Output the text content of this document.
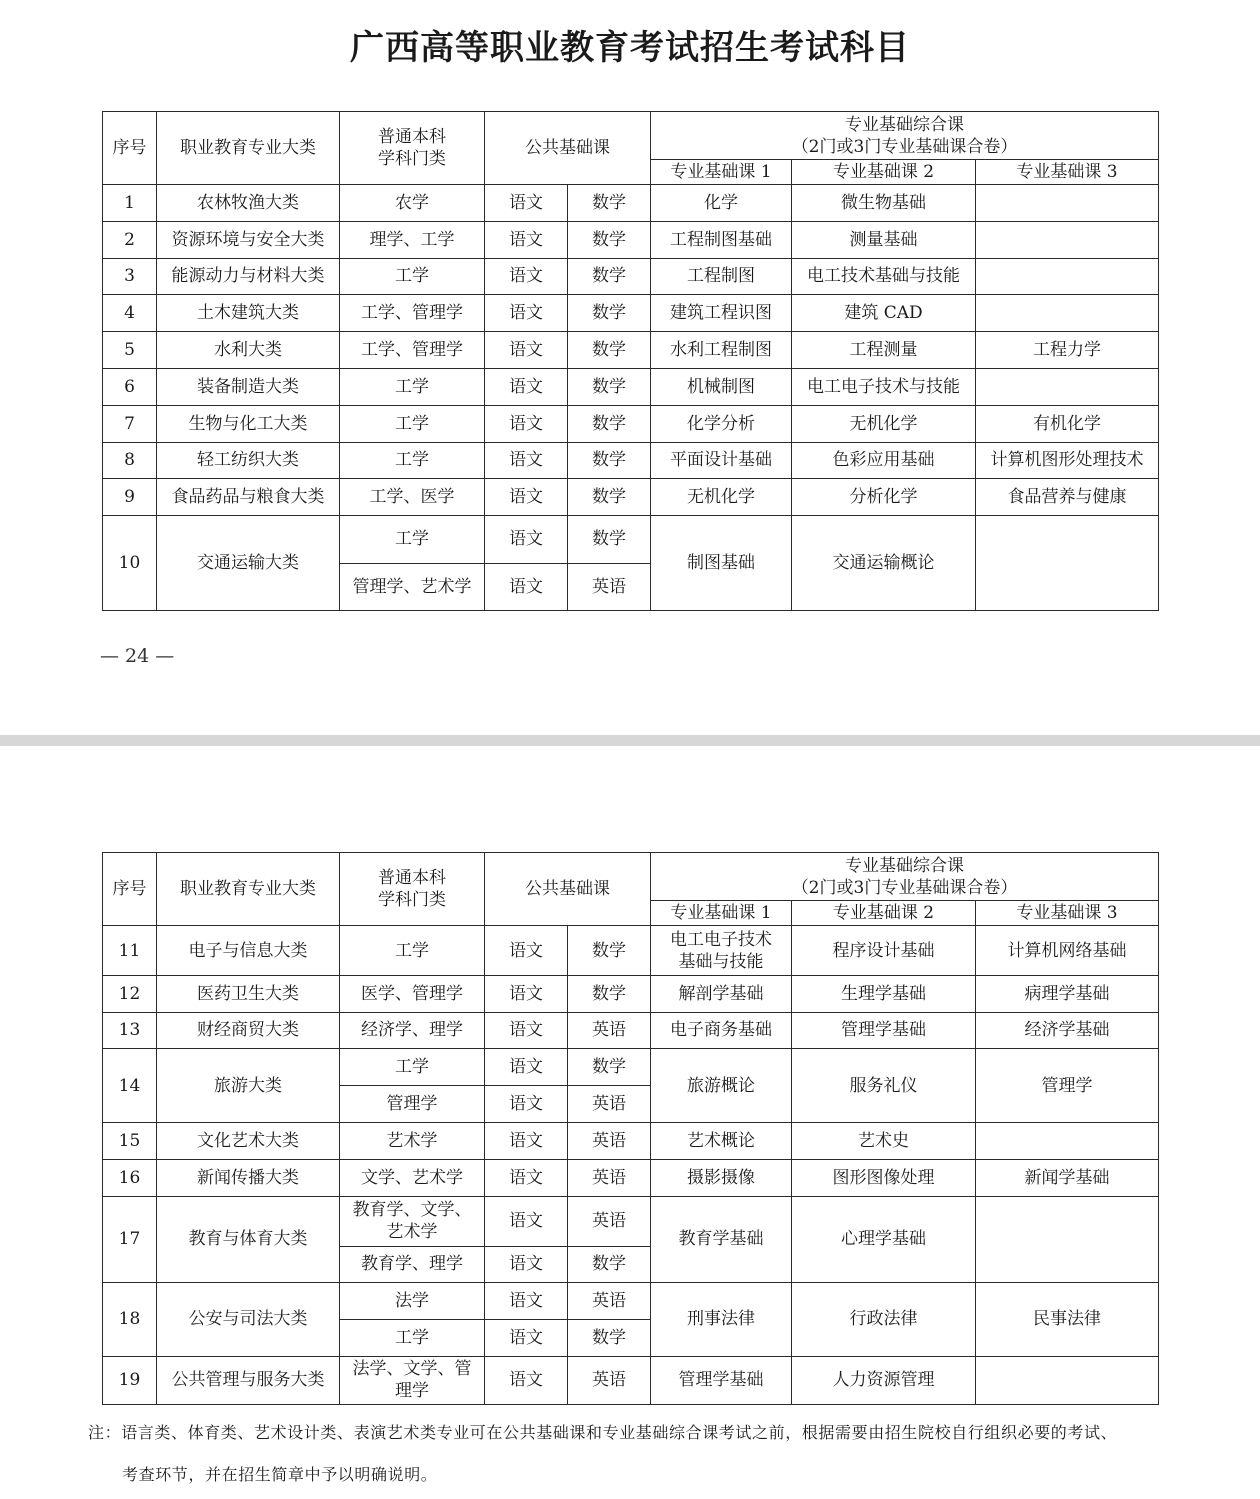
广西高等职业教育考试招生考试科目
序号	职业教育专业大类	普通本科学科门类	公共基础课		专业基础综合课
（2门或3门专业基础课合卷）		

					专业基础课 1	专业基础课 2	专业基础课 3
1	农林牧渔大类	农学	语文	数学	化学	微生物基础	
2	资源环境与安全大类	理学、工学	语文	数学	工程制图基础	测量基础	
3	能源动力与材料大类	工学	语文	数学	工程制图	电工技术基础与技能	
4	土木建筑大类	工学、管理学	语文	数学	建筑工程识图	建筑 CAD	
5	水利大类	工学、管理学	语文	数学	水利工程制图	工程测量	工程力学
6	装备制造大类	工学	语文	数学	机械制图	电工电子技术与技能	
7	生物与化工大类	工学	语文	数学	化学分析	无机化学	有机化学
8	轻工纺织大类	工学	语文	数学	平面设计基础	色彩应用基础	计算机图形处理技术
9	食品药品与粮食大类	工学、医学	语文	数学	无机化学	分析化学	食品营养与健康
10	交通运输大类	工学	语文	数学	制图基础	交通运输概论	
		管理学、艺术学	语文	英语			
— 24 —
序号	职业教育专业大类	普通本科学科门类	公共基础课		专业基础综合课
（2门或3门专业基础课合卷）		

					专业基础课 1	专业基础课 2	专业基础课 3
11	电子与信息大类	工学	语文	数学	电工电子技术基础与技能	程序设计基础	计算机网络基础
12	医药卫生大类	医学、管理学	语文	数学	解剖学基础	生理学基础	病理学基础
13	财经商贸大类	经济学、理学	语文	英语	电子商务基础	管理学基础	经济学基础
14	旅游大类	工学	语文	数学	旅游概论	服务礼仪	管理学
		管理学	语文	英语			
15	文化艺术大类	艺术学	语文	英语	艺术概论	艺术史	
16	新闻传播大类	文学、艺术学	语文	英语	摄影摄像	图形图像处理	新闻学基础
17	教育与体育大类	教育学、文学、艺术学	语文	英语	教育学基础	心理学基础	
		教育学、理学	语文	数学			
18	公安与司法大类	法学	语文	英语	刑事法律	行政法律	民事法律
		工学	语文	数学			
19	公共管理与服务大类	法学、文学、管理学	语文	英语	管理学基础	人力资源管理	
注：语言类、体育类、艺术设计类、表演艺术类专业可在公共基础课和专业基础综合课考试之前，根据需要由招生院校自行组织必要的考试、
考查环节，并在招生简章中予以明确说明。
